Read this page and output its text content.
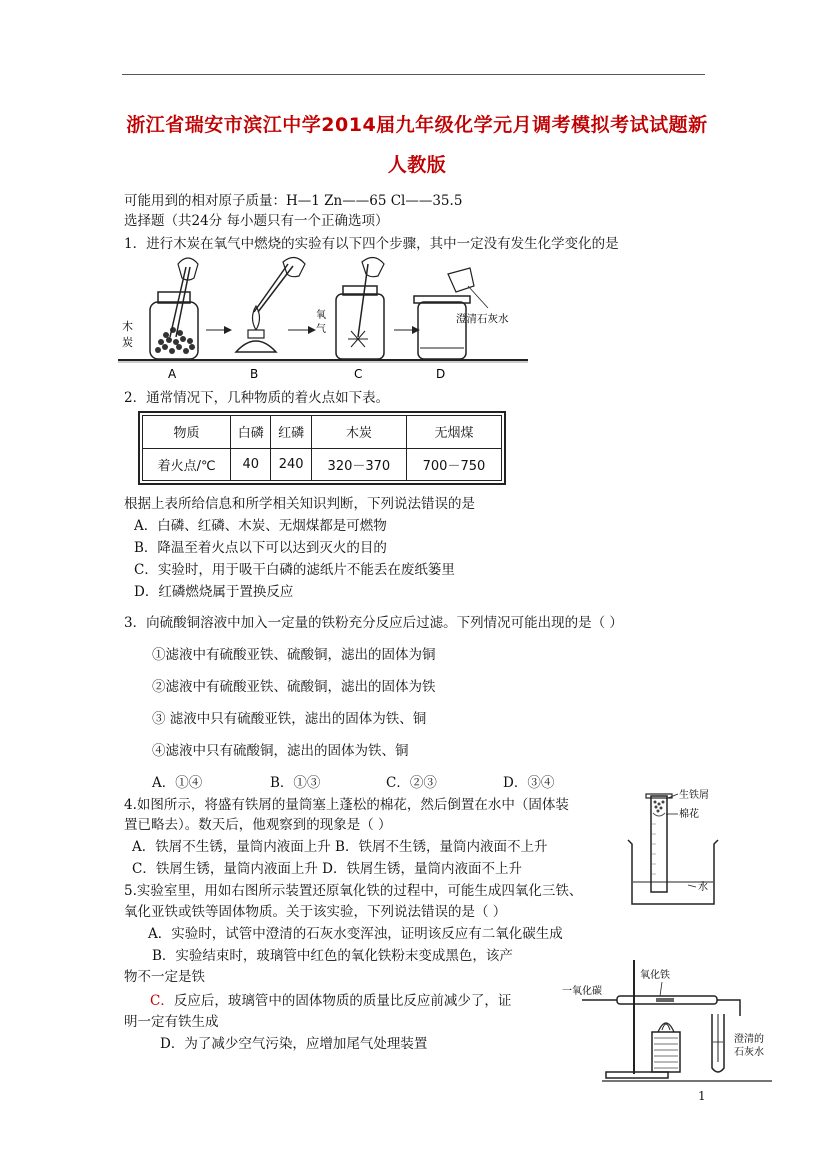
浙江省瑞安市滨江中学2014届九年级化学元月调考模拟考试试题新
人教版
可能用到的相对原子质量：H—1 Zn——65 Cl——35.5
选择题（共24分 每小题只有一个正确选项）
1．进行木炭在氧气中燃烧的实验有以下四个步骤，其中一定没有发生化学变化的是
木
炭
氧
气
澄清石灰水
A	B	C	D
2．通常情况下，几种物质的着火点如下表。
物质	白磷	红磷	木炭	无烟煤
着火点/℃	40	240	320－370	700－750
根据上表所给信息和所学相关知识判断，下列说法错误的是
A．白磷、红磷、木炭、无烟煤都是可燃物
B．降温至着火点以下可以达到灭火的目的
C．实验时，用于吸干白磷的滤纸片不能丢在废纸篓里
D．红磷燃烧属于置换反应
3．向硫酸铜溶液中加入一定量的铁粉充分反应后过滤。下列情况可能出现的是（ ）
①滤液中有硫酸亚铁、硫酸铜，滤出的固体为铜
②滤液中有硫酸亚铁、硫酸铜，滤出的固体为铁
③ 滤液中只有硫酸亚铁，滤出的固体为铁、铜
④滤液中只有硫酸铜，滤出的固体为铁、铜
A．①④	B．①③	C．②③	D．③④
4.如图所示，将盛有铁屑的量筒塞上蓬松的棉花，然后倒置在水中（固体装
置已略去）。数天后，他观察到的现象是（ ）
A．铁屑不生锈，量筒内液面上升 B．铁屑不生锈，量筒内液面不上升
C．铁屑生锈，量筒内液面上升 D．铁屑生锈，量筒内液面不上升
生铁屑
棉花
水
5.实验室里，用如右图所示装置还原氧化铁的过程中，可能生成四氧化三铁、
氧化亚铁或铁等固体物质。关于该实验，下列说法错误的是（ ）
A．实验时，试管中澄清的石灰水变浑浊，证明该反应有二氧化碳生成
B．实验结束时，玻璃管中红色的氧化铁粉末变成黑色，该产
物不一定是铁
C．反应后，玻璃管中的固体物质的质量比反应前减少了，证
明一定有铁生成
D．为了减少空气污染，应增加尾气处理装置
氧化铁
一氧化碳
澄清的
石灰水
1
